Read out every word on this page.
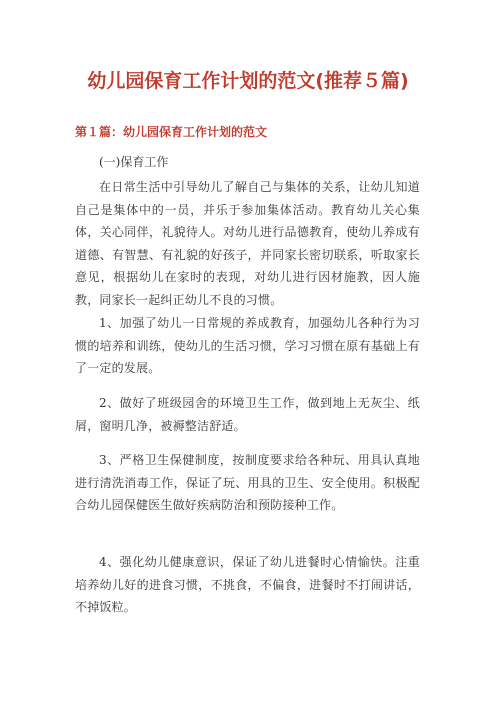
幼儿园保育工作计划的范文(推荐５篇)
第１篇：幼儿园保育工作计划的范文

(一)保育工作

在日常生活中引导幼儿了解自己与集体的关系，让幼儿知道自己是集体中的一员，并乐于参加集体活动。教育幼儿关心集体，关心同伴，礼貌待人。对幼儿进行品德教育，使幼儿养成有道德、有智慧、有礼貌的好孩子，并同家长密切联系，听取家长意见，根据幼儿在家时的表现，对幼儿进行因材施教，因人施教，同家长一起纠正幼儿不良的习惯。

1、加强了幼儿一日常规的养成教育，加强幼儿各种行为习惯的培养和训练，使幼儿的生活习惯，学习习惯在原有基础上有了一定的发展。

2、做好了班级园舍的环境卫生工作，做到地上无灰尘、纸屑，窗明几净，被褥整洁舒适。

3、严格卫生保健制度，按制度要求给各种玩、用具认真地进行清洗消毒工作，保证了玩、用具的卫生、安全使用。积极配合幼儿园保健医生做好疾病防治和预防接种工作。

4、强化幼儿健康意识，保证了幼儿进餐时心情愉快。注重培养幼儿好的进食习惯，不挑食，不偏食，进餐时不打闹讲话，不掉饭粒。
